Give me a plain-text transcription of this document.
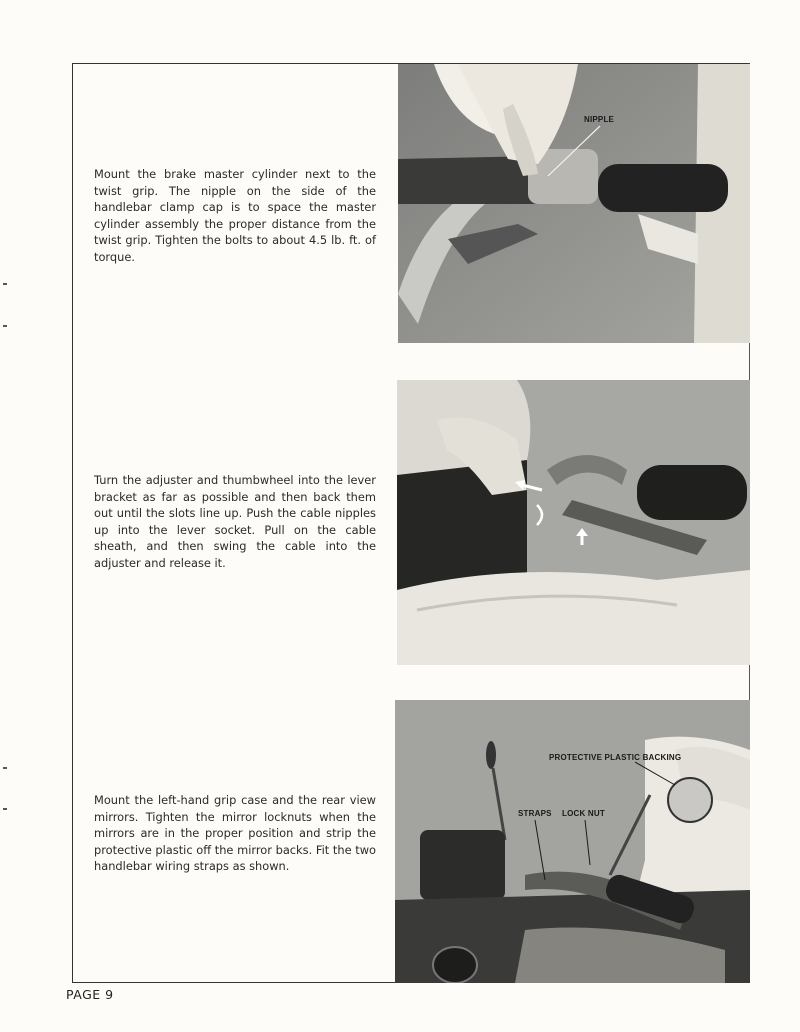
Mount the brake master cylinder next to the twist grip. The nipple on the side of the handlebar clamp cap is to space the master cylinder assembly the proper distance from the twist grip. Tighten the bolts to about 4.5 lb. ft. of torque.

NIPPLE

Turn the adjuster and thumbwheel into the lever bracket as far as possible and then back them out until the slots line up. Push the cable nipples up into the lever socket. Pull on the cable sheath, and then swing the cable into the adjuster and release it.

Mount the left-hand grip case and the rear view mirrors. Tighten the mirror locknuts when the mirrors are in the proper position and strip the protective plastic off the mirror backs. Fit the two handlebar wiring straps as shown.

PROTECTIVE PLASTIC BACKING
STRAPS LOCK NUT
PAGE 9
